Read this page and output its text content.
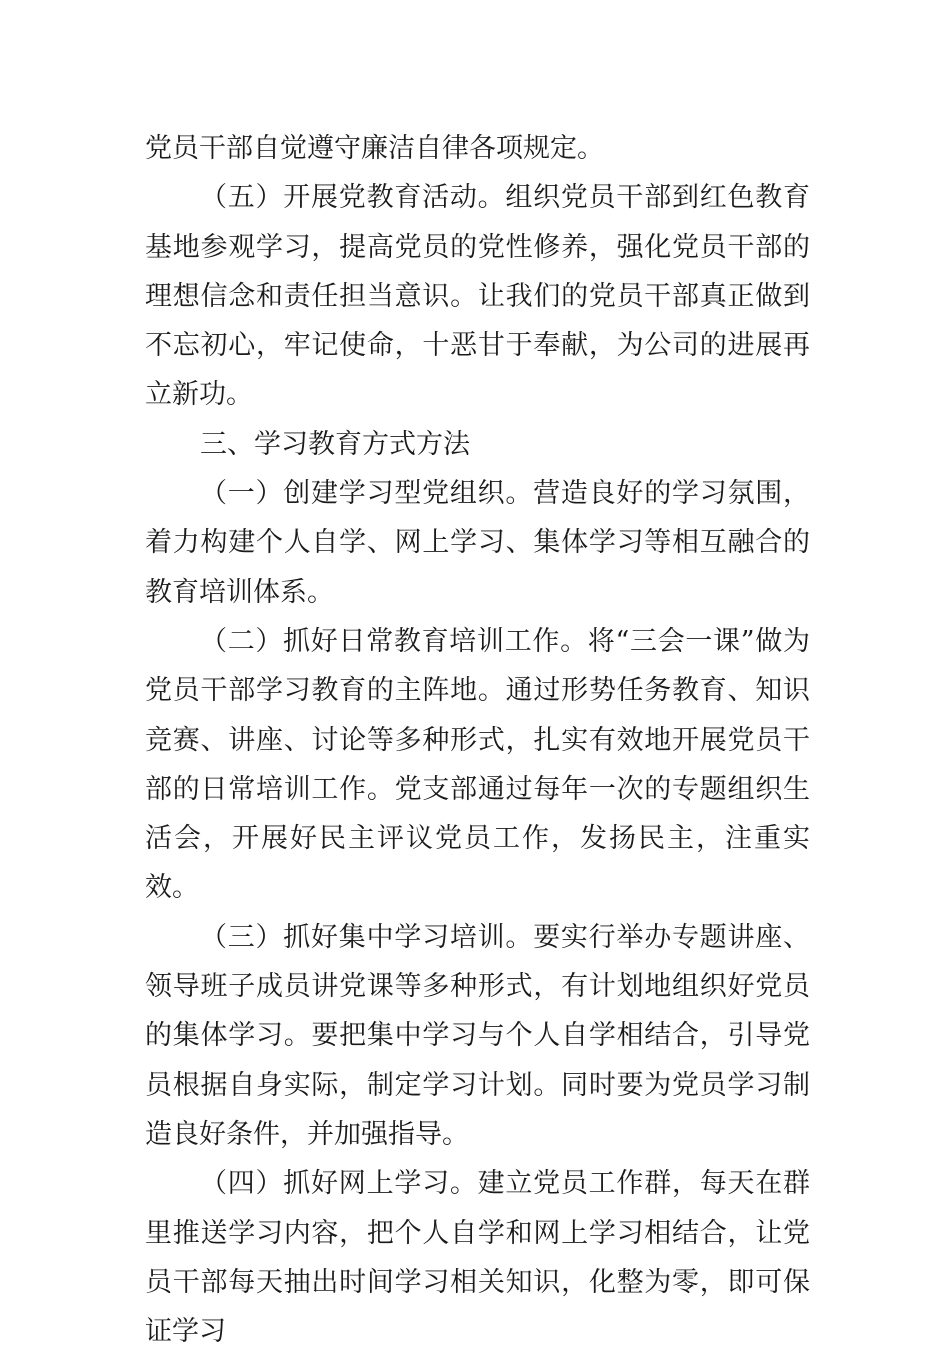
党员干部自觉遵守廉洁自律各项规定。

（五）开展党教育活动。组织党员干部到红色教育基地参观学习，提高党员的党性修养，强化党员干部的理想信念和责任担当意识。让我们的党员干部真正做到不忘初心，牢记使命，十恶甘于奉献，为公司的进展再立新功。

三、学习教育方式方法

（一）创建学习型党组织。营造良好的学习氛围，着力构建个人自学、网上学习、集体学习等相互融合的教育培训体系。

（二）抓好日常教育培训工作。将“三会一课”做为党员干部学习教育的主阵地。通过形势任务教育、知识竞赛、讲座、讨论等多种形式，扎实有效地开展党员干部的日常培训工作。党支部通过每年一次的专题组织生活会，开展好民主评议党员工作，发扬民主，注重实效。

（三）抓好集中学习培训。要实行举办专题讲座、领导班子成员讲党课等多种形式，有计划地组织好党员的集体学习。要把集中学习与个人自学相结合，引导党员根据自身实际，制定学习计划。同时要为党员学习制造良好条件，并加强指导。

（四）抓好网上学习。建立党员工作群，每天在群里推送学习内容，把个人自学和网上学习相结合，让党员干部每天抽出时间学习相关知识，化整为零，即可保证学习
